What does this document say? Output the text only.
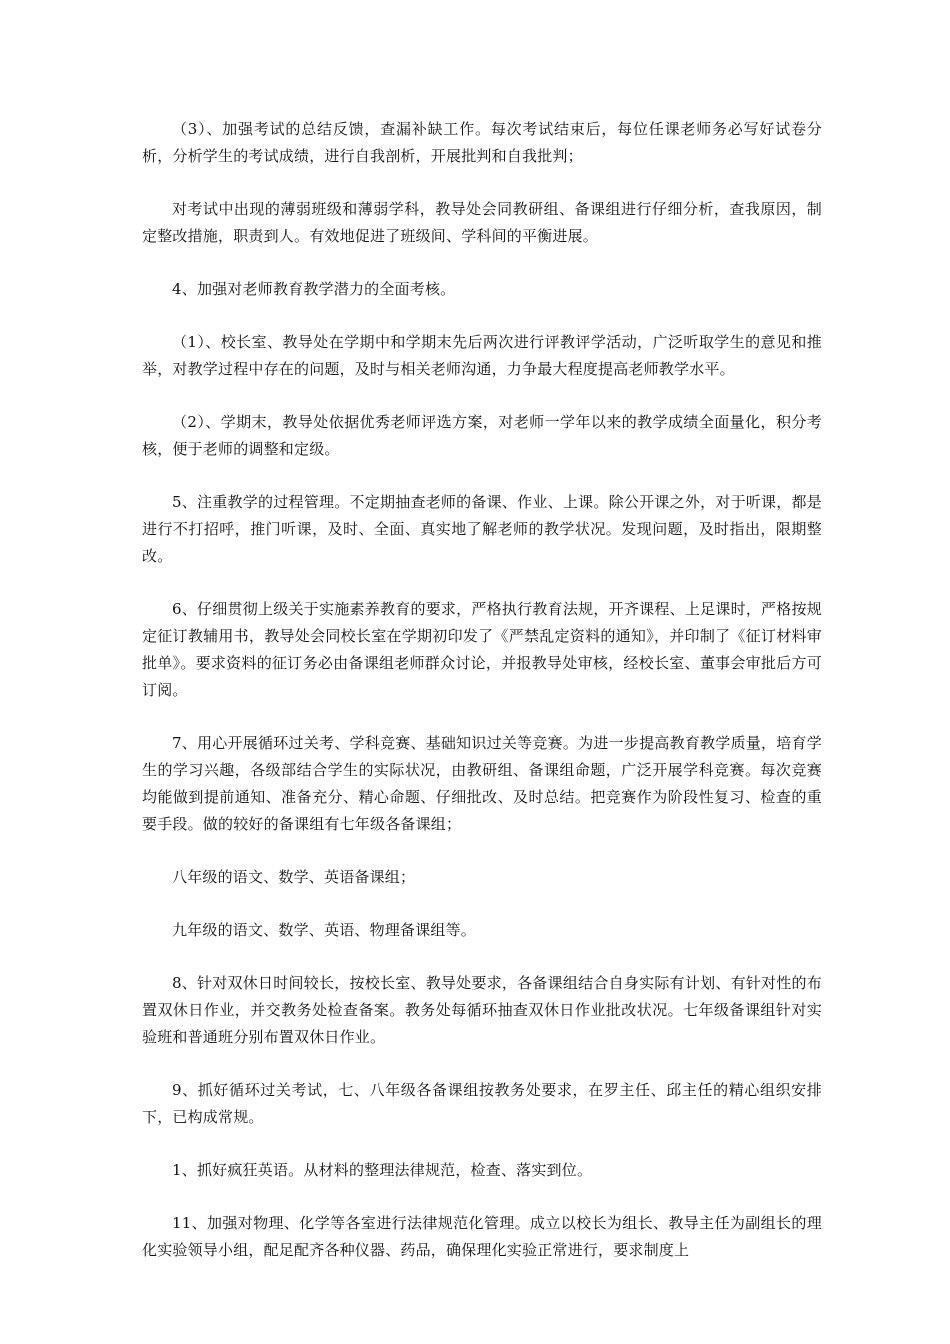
（3）、加强考试的总结反馈，查漏补缺工作。每次考试结束后，每位任课老师务必写好试卷分析，分析学生的考试成绩，进行自我剖析，开展批判和自我批判；

对考试中出现的薄弱班级和薄弱学科，教导处会同教研组、备课组进行仔细分析，查我原因，制定整改措施，职责到人。有效地促进了班级间、学科间的平衡进展。

4、加强对老师教育教学潜力的全面考核。

（1）、校长室、教导处在学期中和学期末先后两次进行评教评学活动，广泛听取学生的意见和推举，对教学过程中存在的问题，及时与相关老师沟通，力争最大程度提高老师教学水平。

（2）、学期末，教导处依据优秀老师评选方案，对老师一学年以来的教学成绩全面量化，积分考核，便于老师的调整和定级。

5、注重教学的过程管理。不定期抽查老师的备课、作业、上课。除公开课之外，对于听课，都是进行不打招呼，推门听课，及时、全面、真实地了解老师的教学状况。发现问题，及时指出，限期整改。

6、仔细贯彻上级关于实施素养教育的要求，严格执行教育法规，开齐课程、上足课时，严格按规定征订教辅用书，教导处会同校长室在学期初印发了《严禁乱定资料的通知》，并印制了《征订材料审批单》。要求资料的征订务必由备课组老师群众讨论，并报教导处审核，经校长室、董事会审批后方可订阅。

7、用心开展循环过关考、学科竞赛、基础知识过关等竞赛。为进一步提高教育教学质量，培育学生的学习兴趣，各级部结合学生的实际状况，由教研组、备课组命题，广泛开展学科竞赛。每次竞赛均能做到提前通知、准备充分、精心命题、仔细批改、及时总结。把竞赛作为阶段性复习、检查的重要手段。做的较好的备课组有七年级各备课组；

八年级的语文、数学、英语备课组；

九年级的语文、数学、英语、物理备课组等。

8、针对双休日时间较长，按校长室、教导处要求，各备课组结合自身实际有计划、有针对性的布置双休日作业，并交教务处检查备案。教务处每循环抽查双休日作业批改状况。七年级备课组针对实验班和普通班分别布置双休日作业。

9、抓好循环过关考试，七、八年级各备课组按教务处要求，在罗主任、邱主任的精心组织安排下，已构成常规。

1、抓好疯狂英语。从材料的整理法律规范，检查、落实到位。

11、加强对物理、化学等各室进行法律规范化管理。成立以校长为组长、教导主任为副组长的理化实验领导小组，配足配齐各种仪器、药品，确保理化实验正常进行，要求制度上
